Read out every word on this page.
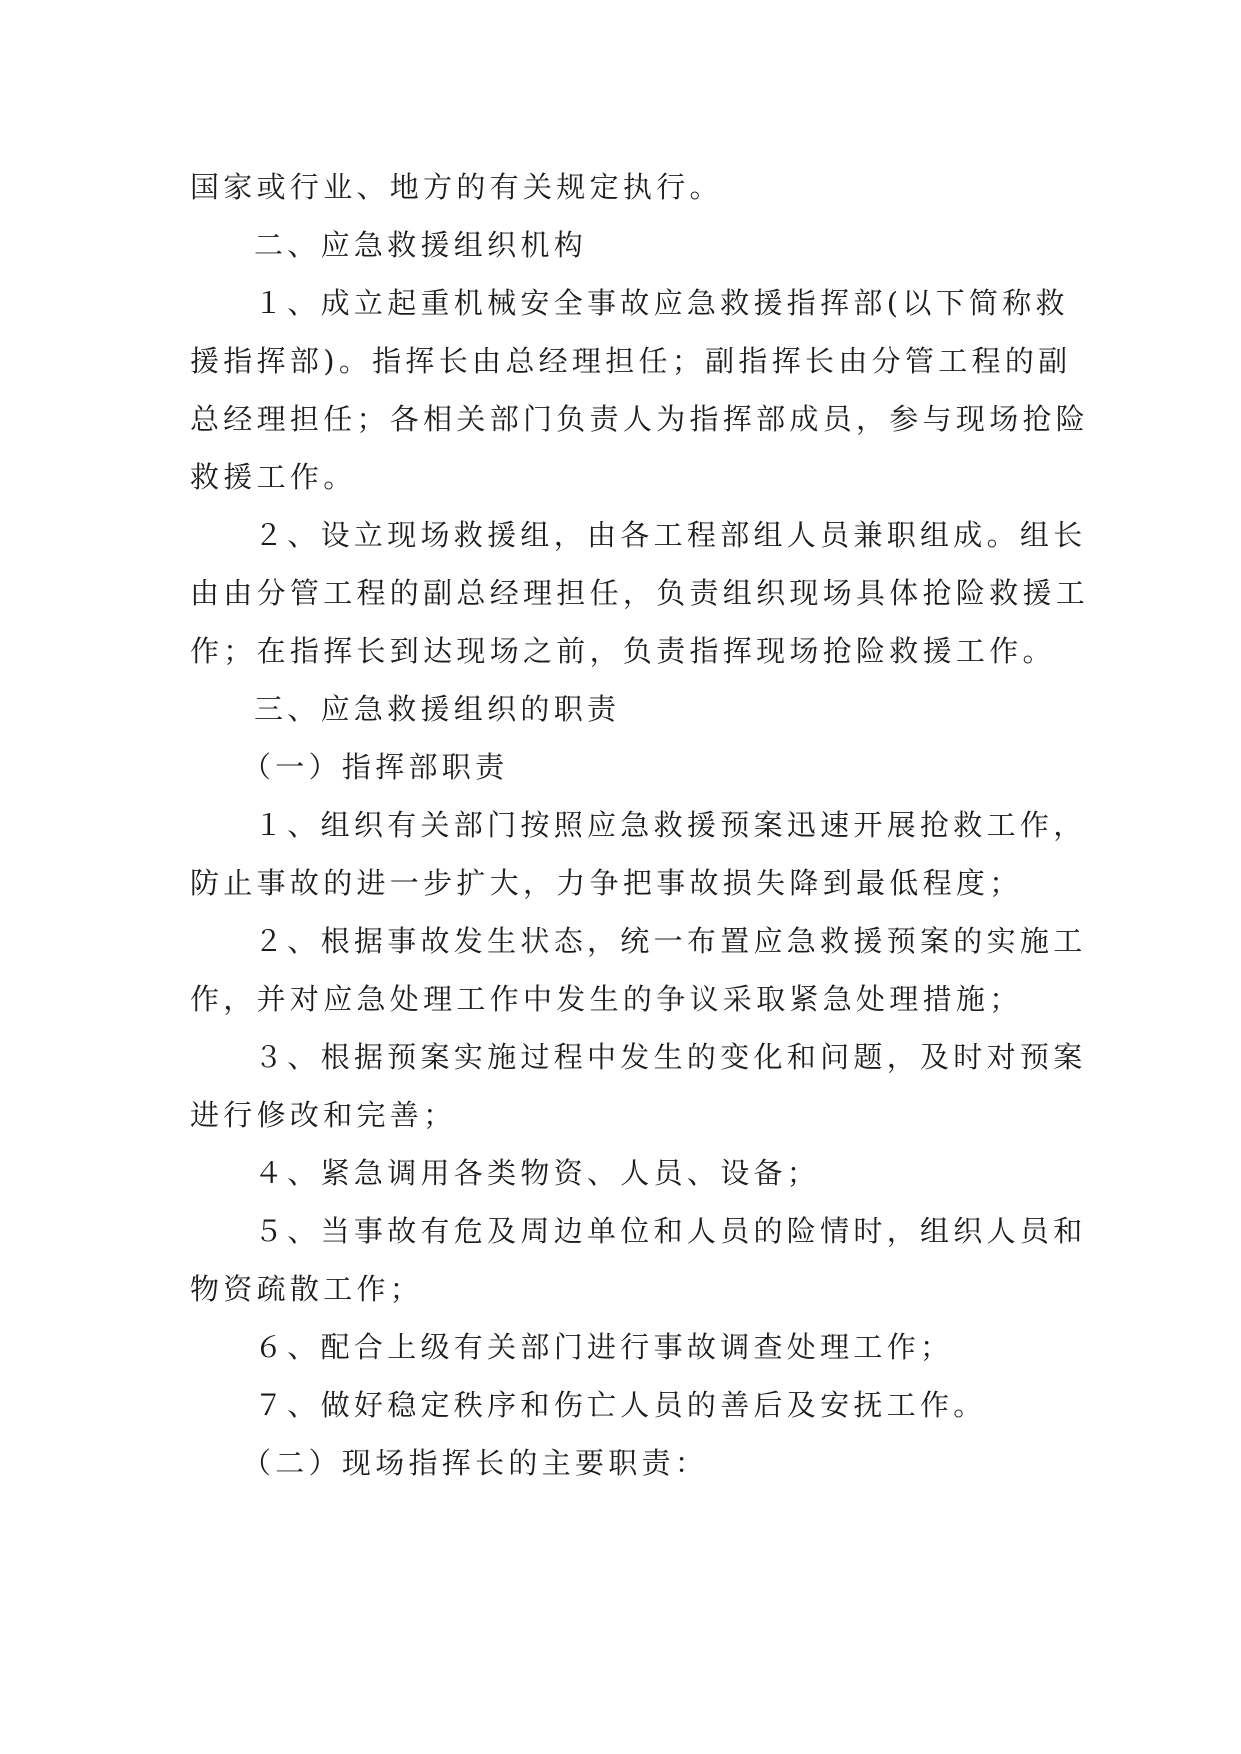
国家或行业、地方的有关规定执行。

二、应急救援组织机构

１、成立起重机械安全事故应急救援指挥部(以下简称救援指挥部)。指挥长由总经理担任；副指挥长由分管工程的副总经理担任；各相关部门负责人为指挥部成员，参与现场抢险救援工作。

２、设立现场救援组，由各工程部组人员兼职组成。组长由由分管工程的副总经理担任，负责组织现场具体抢险救援工作；在指挥长到达现场之前，负责指挥现场抢险救援工作。

三、应急救援组织的职责

（一）指挥部职责

１、组织有关部门按照应急救援预案迅速开展抢救工作，防止事故的进一步扩大，力争把事故损失降到最低程度；

２、根据事故发生状态，统一布置应急救援预案的实施工作，并对应急处理工作中发生的争议采取紧急处理措施；

３、根据预案实施过程中发生的变化和问题，及时对预案进行修改和完善；

４、紧急调用各类物资、人员、设备；

５、当事故有危及周边单位和人员的险情时，组织人员和物资疏散工作；

６、配合上级有关部门进行事故调查处理工作；

７、做好稳定秩序和伤亡人员的善后及安抚工作。

（二）现场指挥长的主要职责：
